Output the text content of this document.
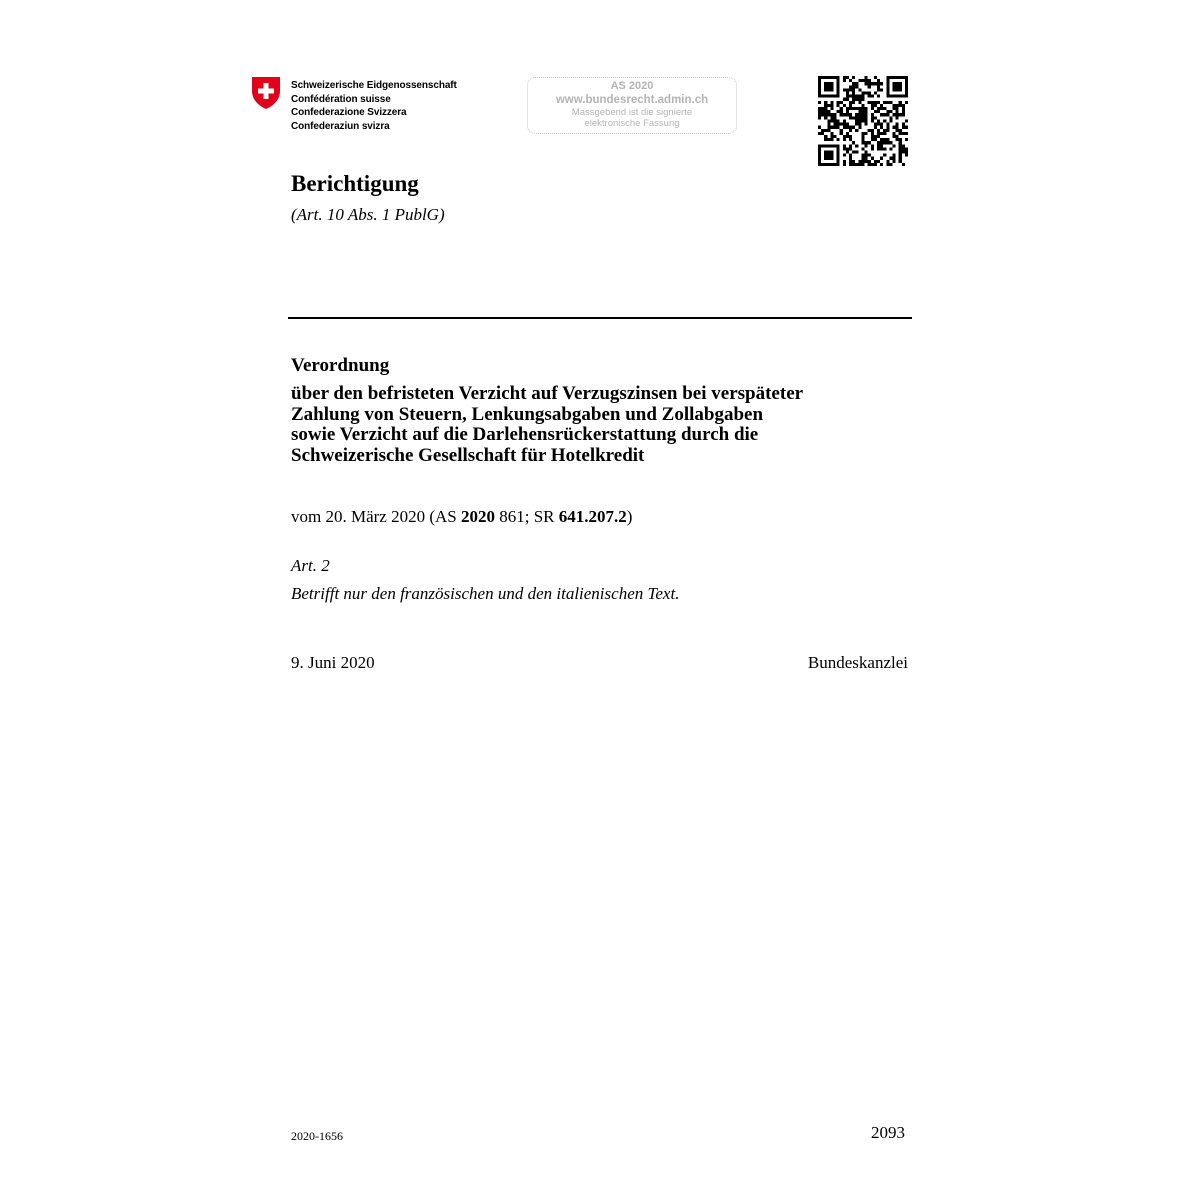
Schweizerische Eidgenossenschaft
Confédération suisse
Confederazione Svizzera
Confederaziun svizra
AS 2020
www.bundesrecht.admin.ch
Massgebend ist die signierte
elektronische Fassung
Berichtigung
(Art. 10 Abs. 1 PublG)
Verordnung
über den befristeten Verzicht auf Verzugszinsen bei verspäteter
Zahlung von Steuern, Lenkungsabgaben und Zollabgaben
sowie Verzicht auf die Darlehensrückerstattung durch die
Schweizerische Gesellschaft für Hotelkredit
vom 20. März 2020 (AS 2020 861; SR 641.207.2)
Art. 2
Betrifft nur den französischen und den italienischen Text.
9. Juni 2020	Bundeskanzlei
2020-1656	2093
